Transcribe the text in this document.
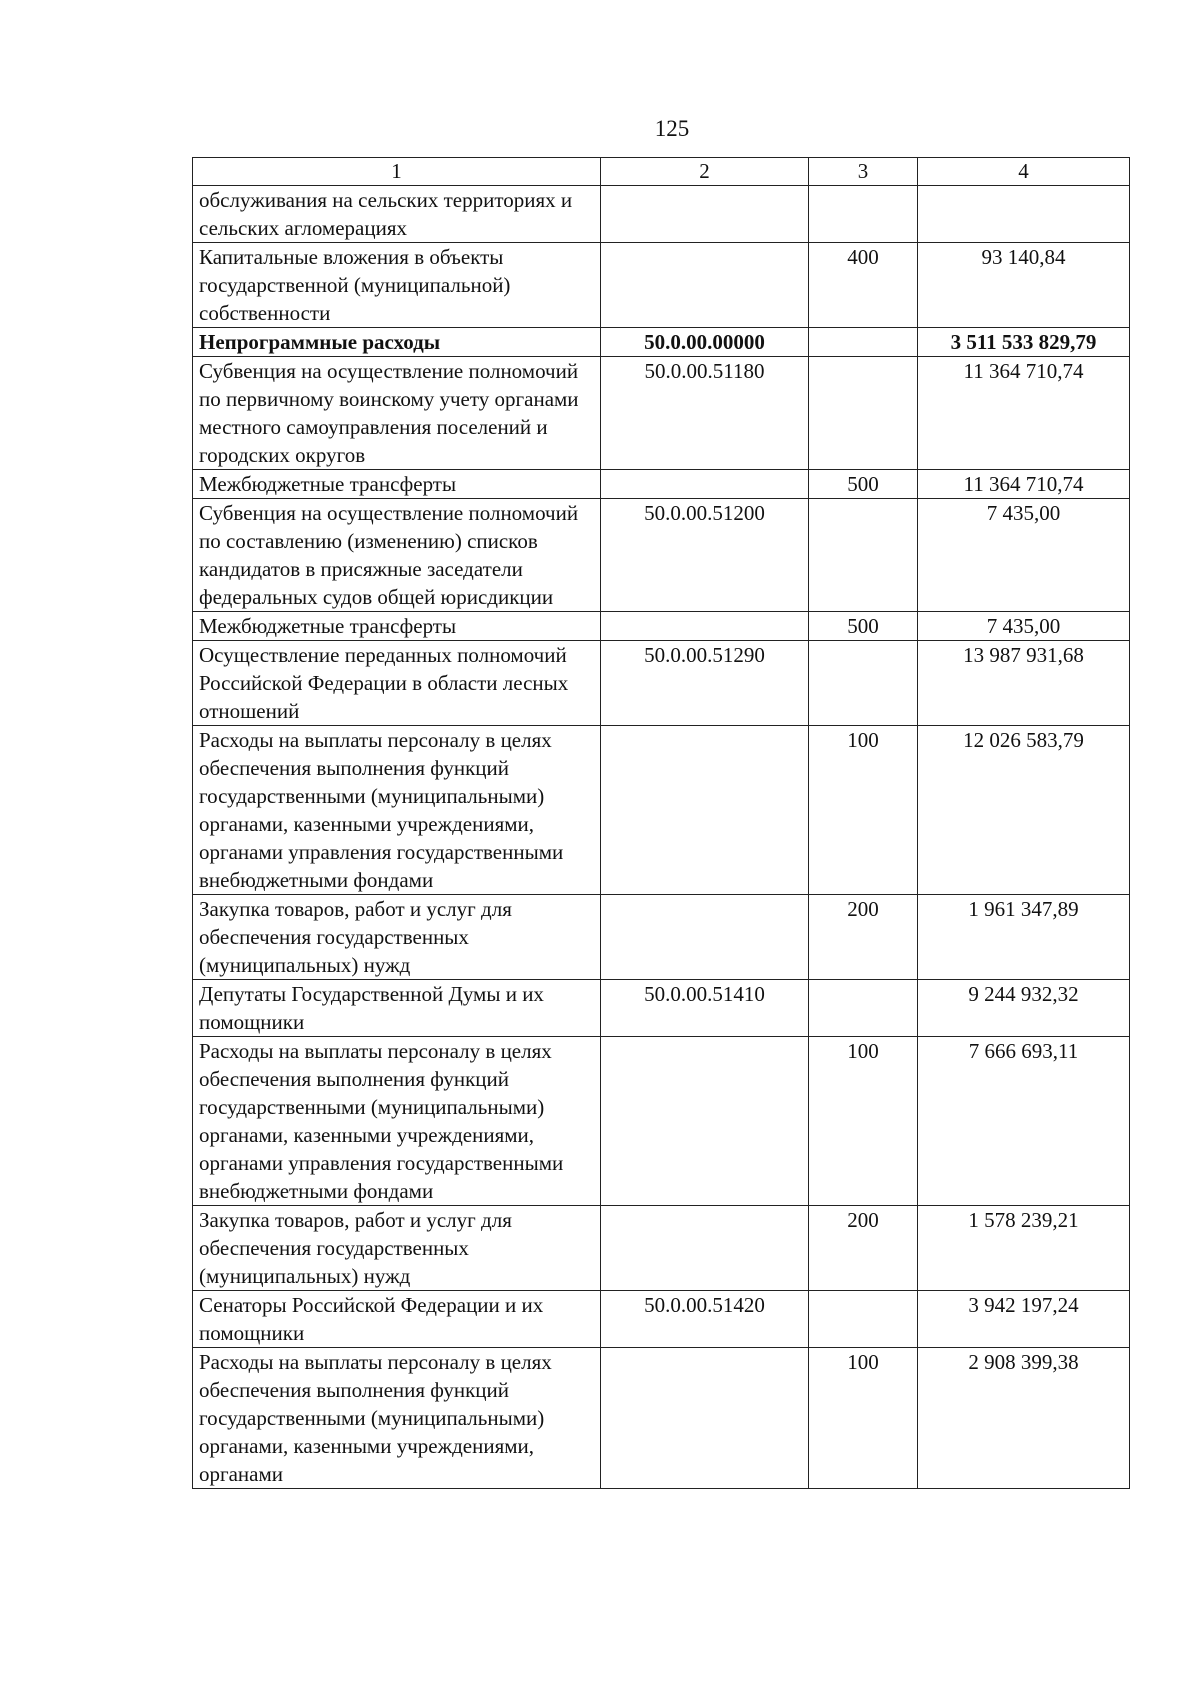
125
1	2	3	4
обслуживания на сельских территориях и сельских агломерациях			
Капитальные вложения в объекты государственной (муниципальной) собственности		400	93 140,84
Непрограммные расходы	50.0.00.00000		3 511 533 829,79
Субвенция на осуществление полномочий по первичному воинскому учету органами местного самоуправления поселений и городских округов	50.0.00.51180		11 364 710,74
Межбюджетные трансферты		500	11 364 710,74
Субвенция на осуществление полномочий по составлению (изменению) списков кандидатов в присяжные заседатели федеральных судов общей юрисдикции	50.0.00.51200		7 435,00
Межбюджетные трансферты		500	7 435,00
Осуществление переданных полномочий Российской Федерации в области лесных отношений	50.0.00.51290		13 987 931,68
Расходы на выплаты персоналу в целях обеспечения выполнения функций государственными (муниципальными) органами, казенными учреждениями, органами управления государственными внебюджетными фондами		100	12 026 583,79
Закупка товаров, работ и услуг для обеспечения государственных (муниципальных) нужд		200	1 961 347,89
Депутаты Государственной Думы и их помощники	50.0.00.51410		9 244 932,32
Расходы на выплаты персоналу в целях обеспечения выполнения функций государственными (муниципальными) органами, казенными учреждениями, органами управления государственными внебюджетными фондами		100	7 666 693,11
Закупка товаров, работ и услуг для обеспечения государственных (муниципальных) нужд		200	1 578 239,21
Сенаторы Российской Федерации и их помощники	50.0.00.51420		3 942 197,24
Расходы на выплаты персоналу в целях обеспечения выполнения функций государственными (муниципальными) органами, казенными учреждениями, органами		100	2 908 399,38
